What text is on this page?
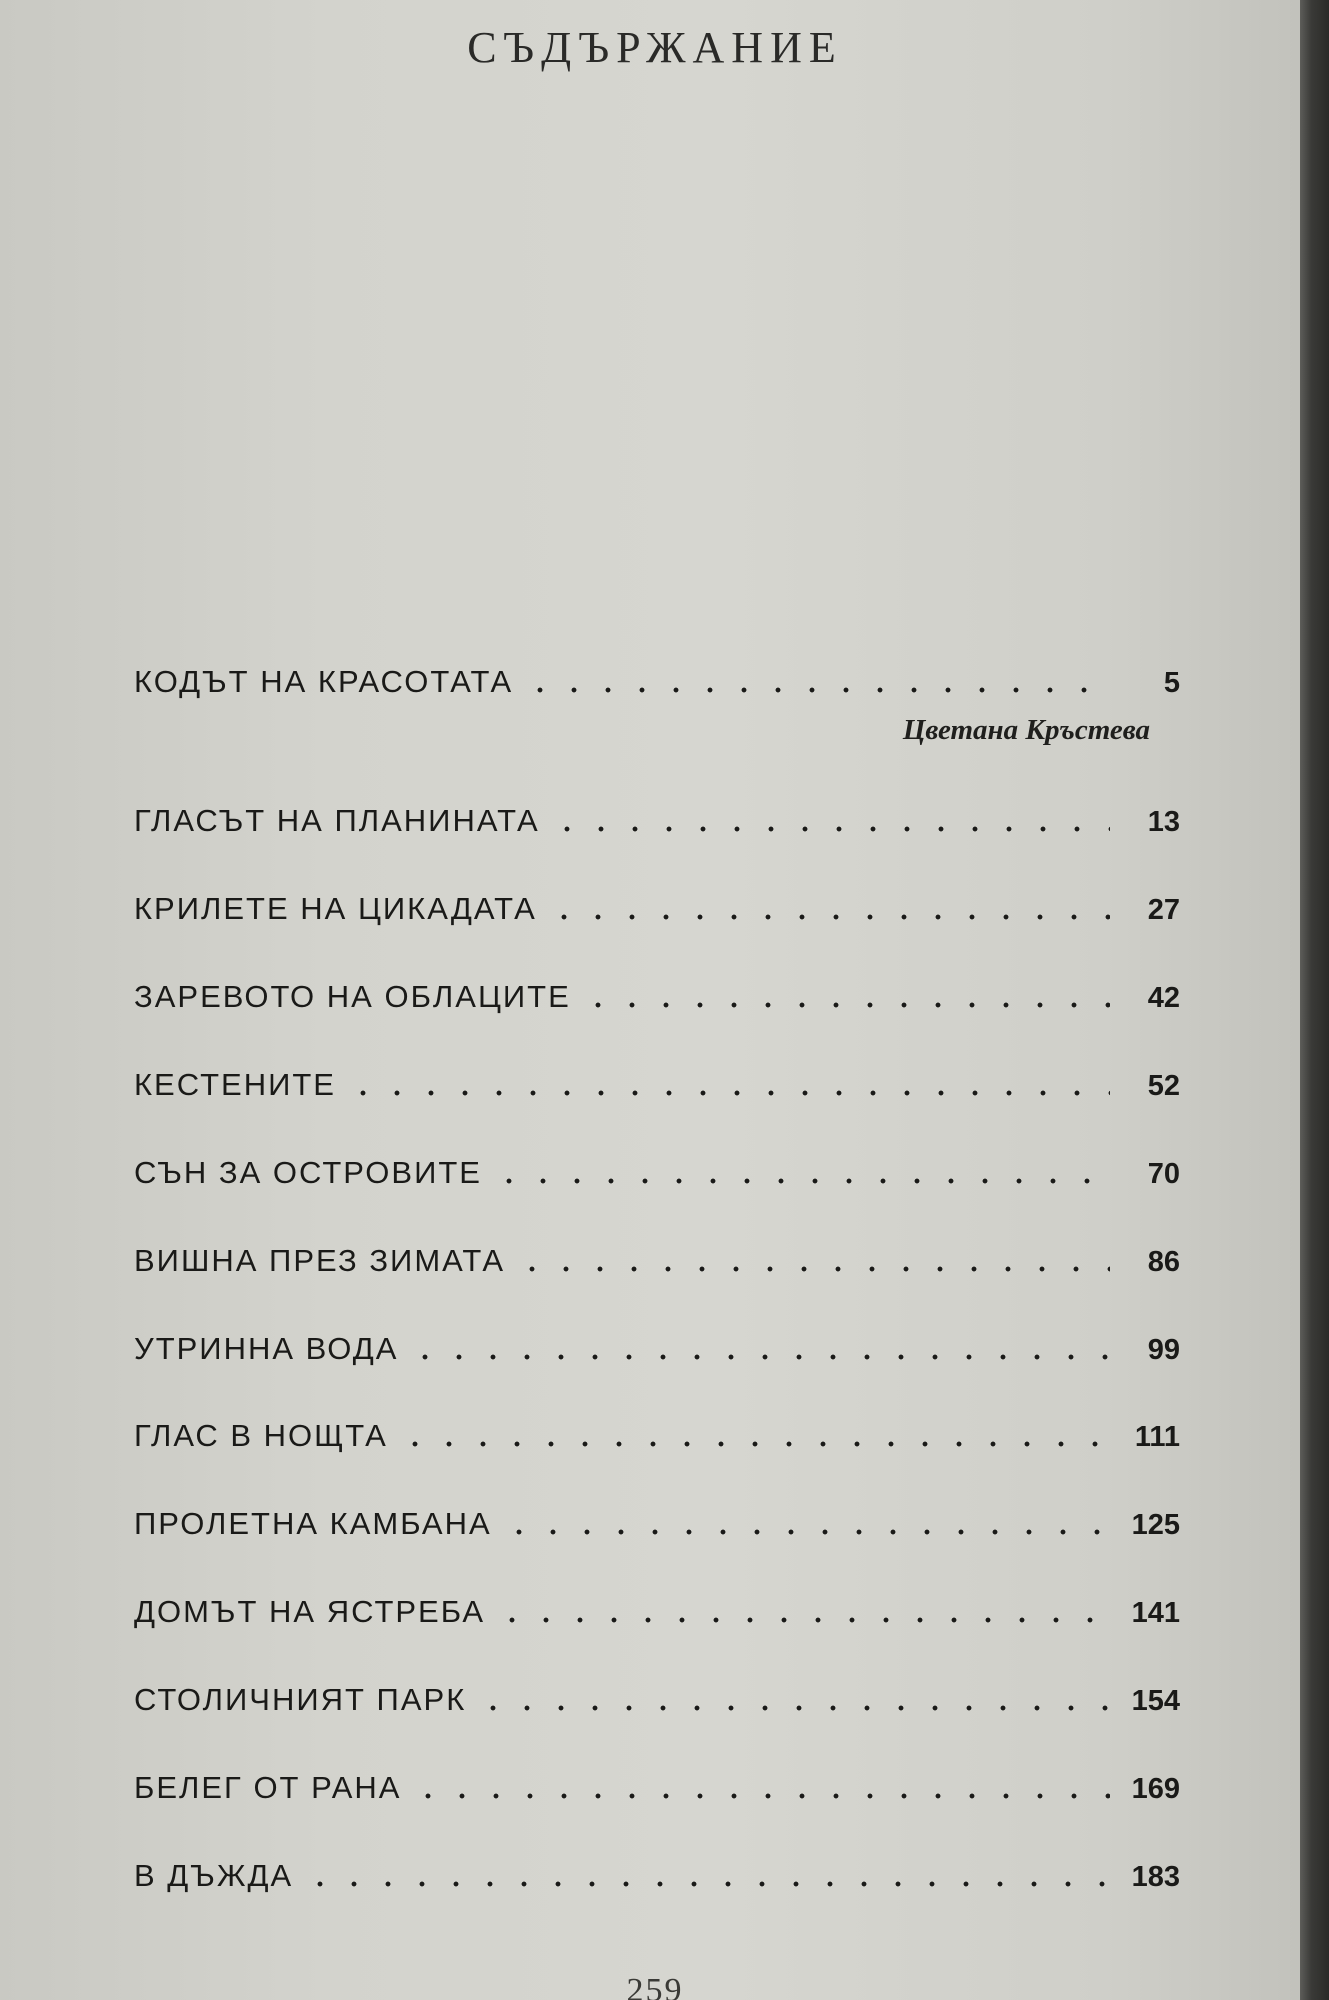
СЪДЪРЖАНИЕ
КОДЪТ НА КРАСОТАТА	5
Цветана Кръстева
ГЛАСЪТ НА ПЛАНИНАТА	13
КРИЛЕТЕ НА ЦИКАДАТА	27
ЗАРЕВОТО НА ОБЛАЦИТЕ	42
КЕСТЕНИТЕ	52
СЪН ЗА ОСТРОВИТЕ	70
ВИШНА ПРЕЗ ЗИМАТА	86
УТРИННА ВОДА	99
ГЛАС В НОЩТА	111
ПРОЛЕТНА КАМБАНА	125
ДОМЪТ НА ЯСТРЕБА	141
СТОЛИЧНИЯТ ПАРК	154
БЕЛЕГ ОТ РАНА	169
В ДЪЖДА	183
259
